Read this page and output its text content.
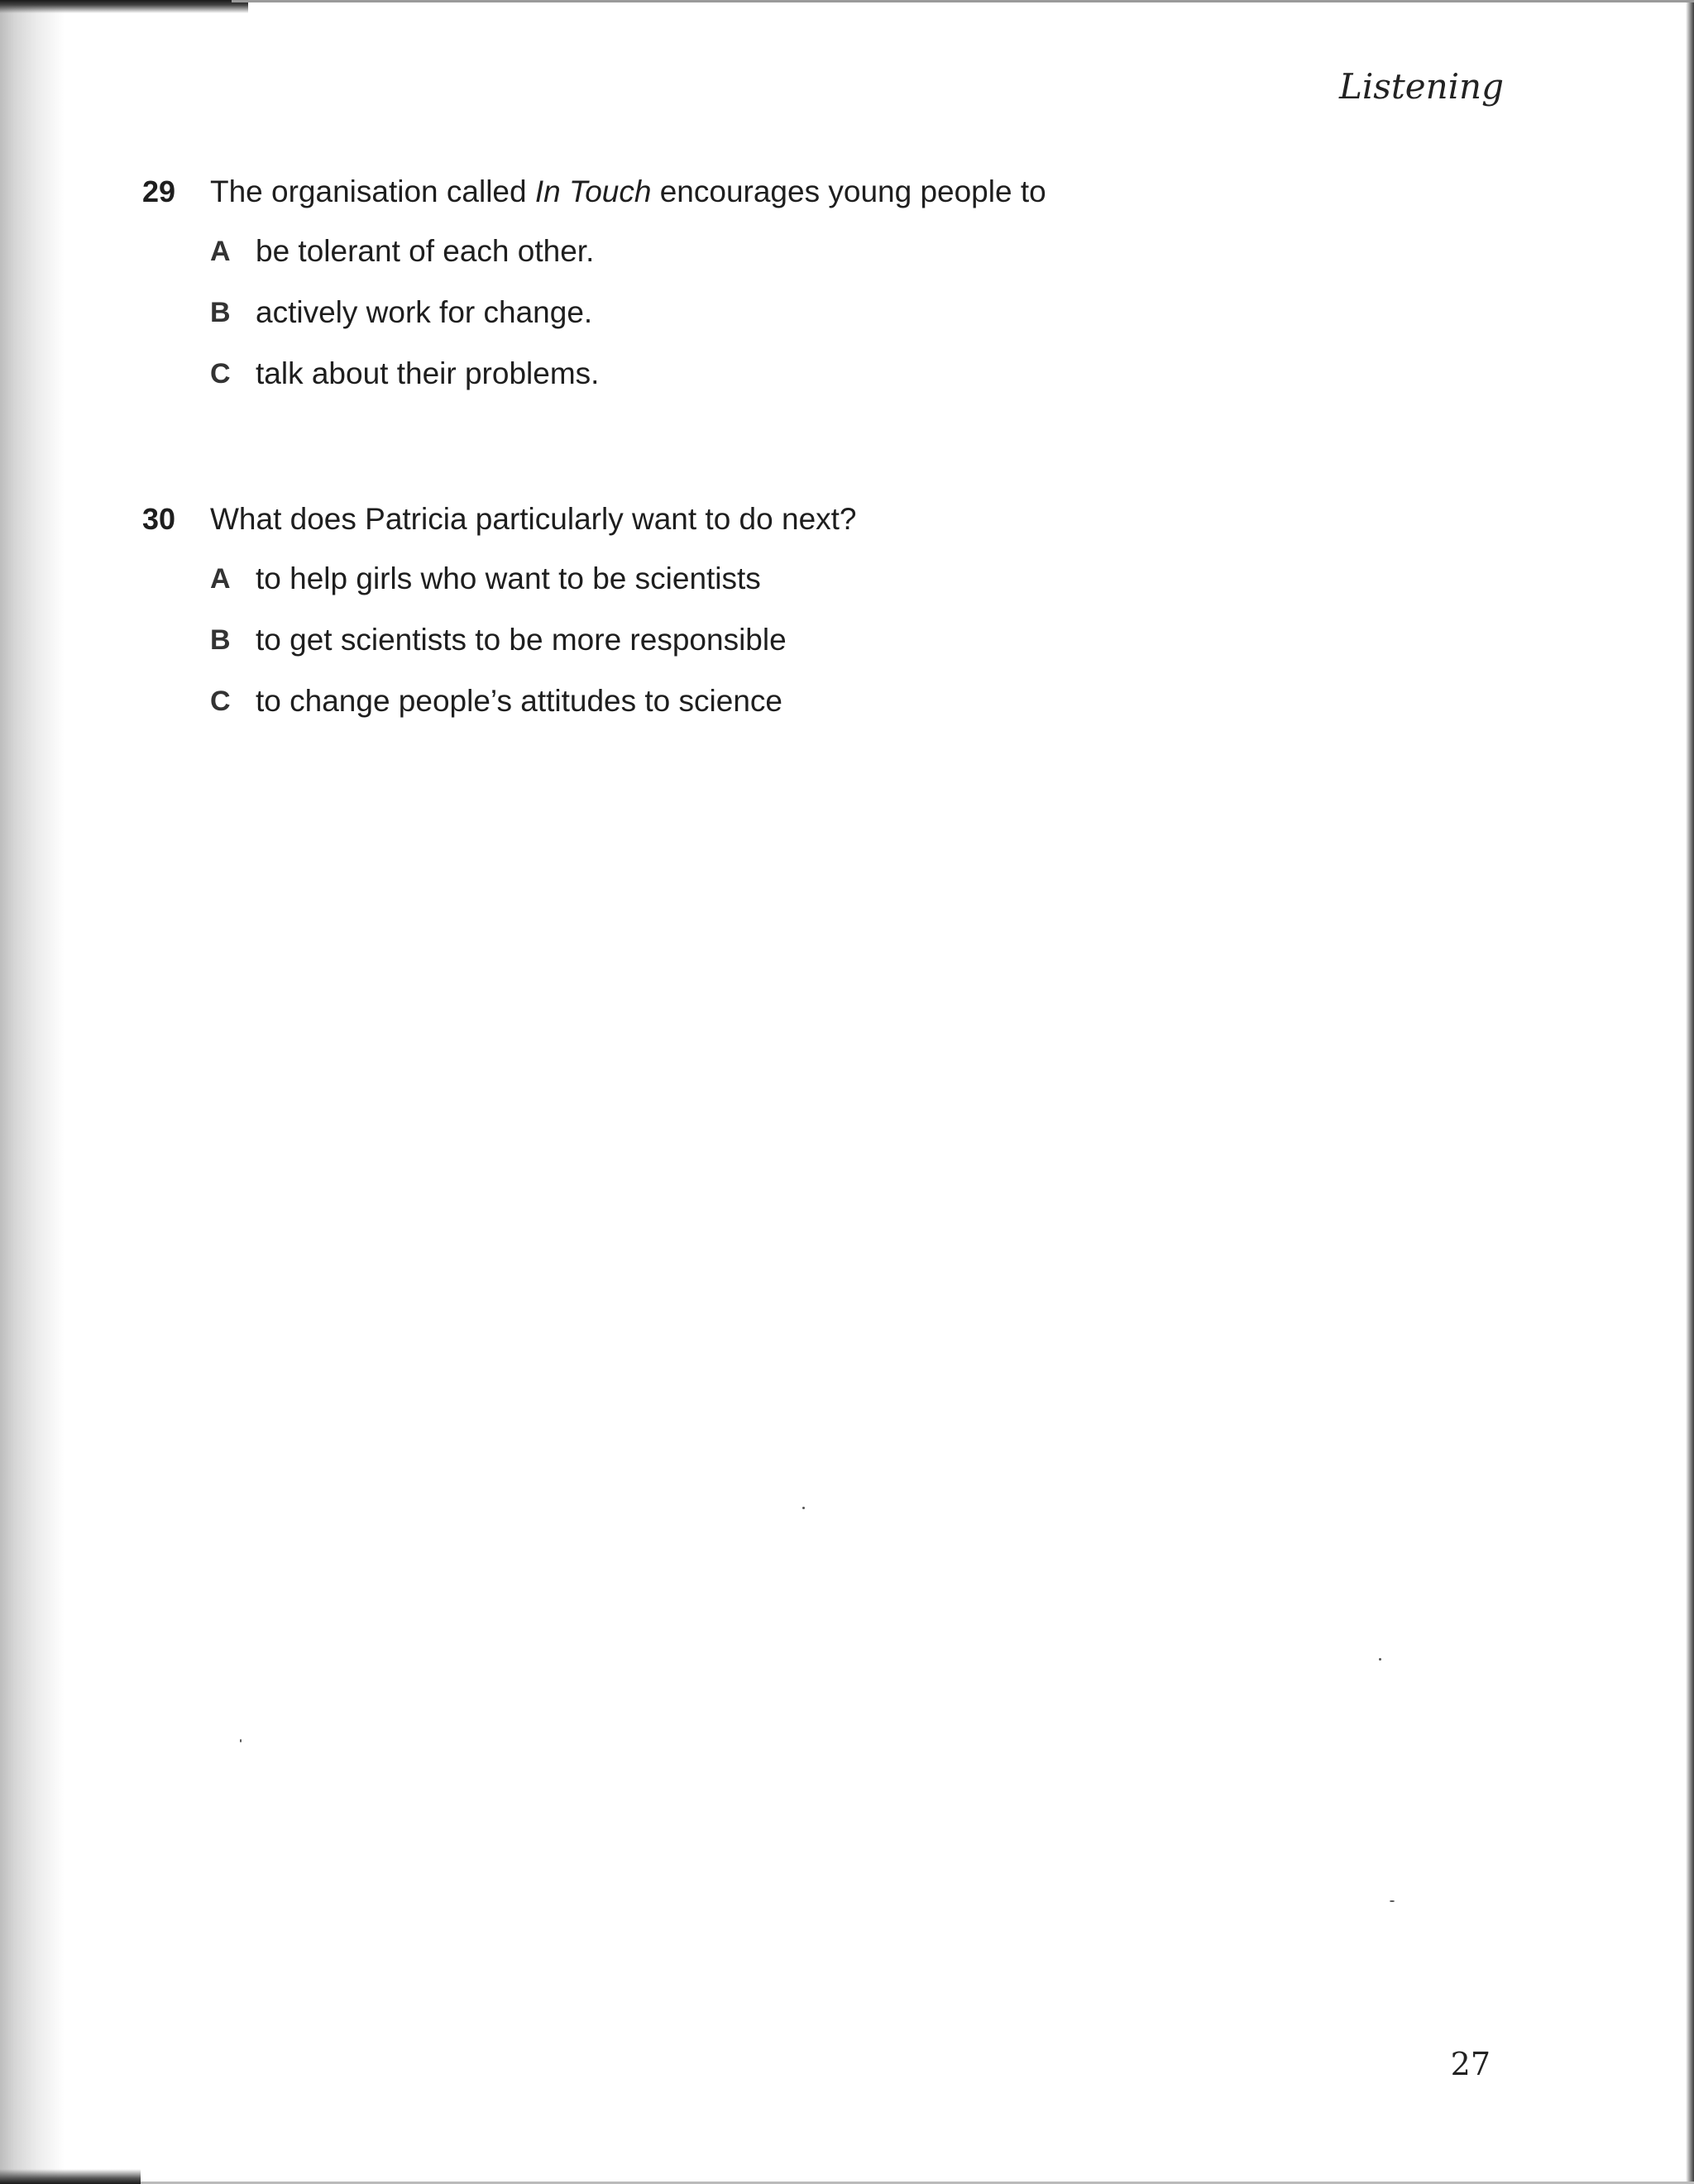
Listening
29 The organisation called In Touch encourages young people to
A be tolerant of each other.
B actively work for change.
C talk about their problems.
30 What does Patricia particularly want to do next?
A to help girls who want to be scientists
B to get scientists to be more responsible
C to change people’s attitudes to science
27
